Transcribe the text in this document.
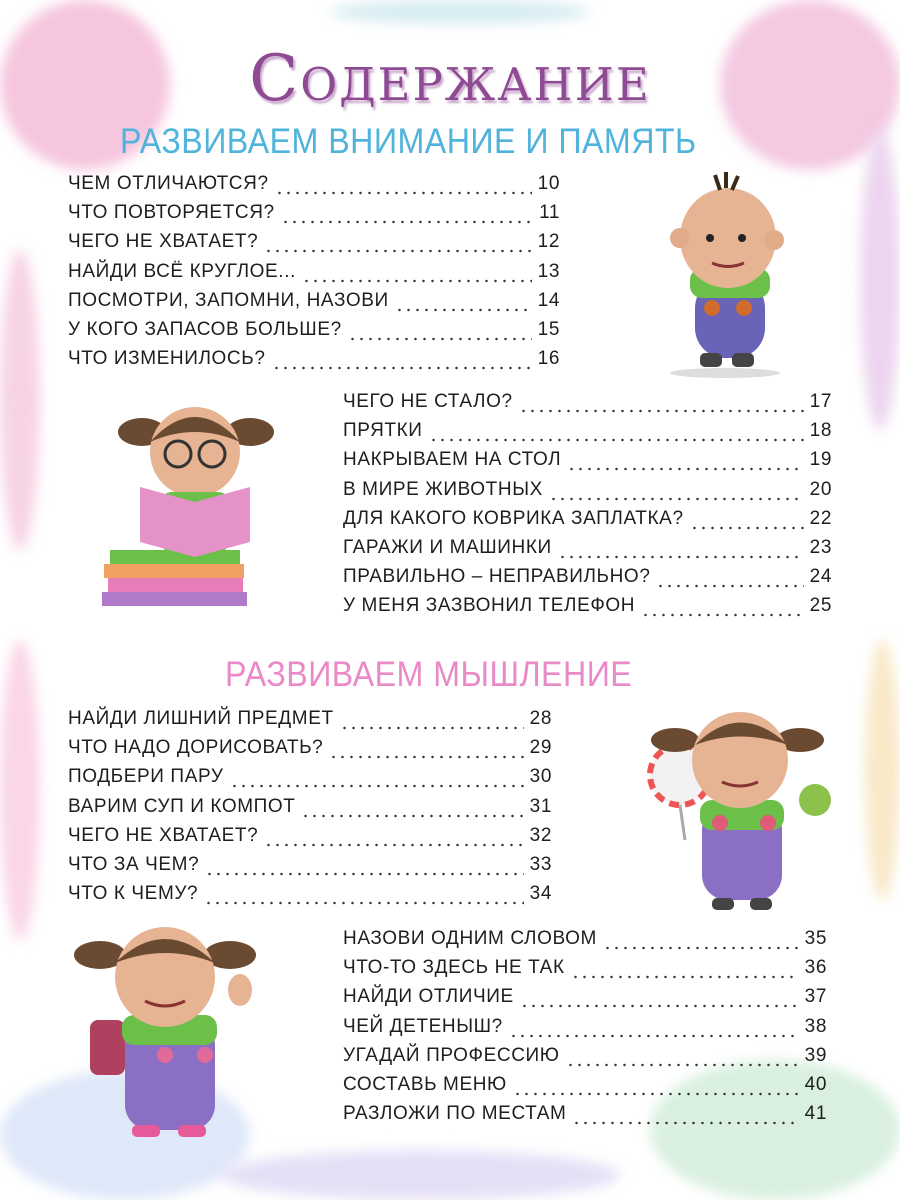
Содержание
РАЗВИВАЕМ ВНИМАНИЕ И ПАМЯТЬ
РАЗВИВАЕМ МЫШЛЕНИЕ
ЧЕМ ОТЛИЧАЮТСЯ?	10
ЧТО ПОВТОРЯЕТСЯ?	11
ЧЕГО НЕ ХВАТАЕТ?	12
НАЙДИ ВСЁ КРУГЛОЕ...	13
ПОСМОТРИ, ЗАПОМНИ, НАЗОВИ	14
У КОГО ЗАПАСОВ БОЛЬШЕ?	15
ЧТО ИЗМЕНИЛОСЬ?	16
ЧЕГО НЕ СТАЛО?	17
ПРЯТКИ	18
НАКРЫВАЕМ НА СТОЛ	19
В МИРЕ ЖИВОТНЫХ	20
ДЛЯ КАКОГО КОВРИКА ЗАПЛАТКА?	22
ГАРАЖИ И МАШИНКИ	23
ПРАВИЛЬНО – НЕПРАВИЛЬНО?	24
У МЕНЯ ЗАЗВОНИЛ ТЕЛЕФОН	25
НАЙДИ ЛИШНИЙ ПРЕДМЕТ	28
ЧТО НАДО ДОРИСОВАТЬ?	29
ПОДБЕРИ ПАРУ	30
ВАРИМ СУП И КОМПОТ	31
ЧЕГО НЕ ХВАТАЕТ?	32
ЧТО ЗА ЧЕМ?	33
ЧТО К ЧЕМУ?	34
НАЗОВИ ОДНИМ СЛОВОМ	35
ЧТО-ТО ЗДЕСЬ НЕ ТАК	36
НАЙДИ ОТЛИЧИЕ	37
ЧЕЙ ДЕТЕНЫШ?	38
УГАДАЙ ПРОФЕССИЮ	39
СОСТАВЬ МЕНЮ	40
РАЗЛОЖИ ПО МЕСТАМ	41
